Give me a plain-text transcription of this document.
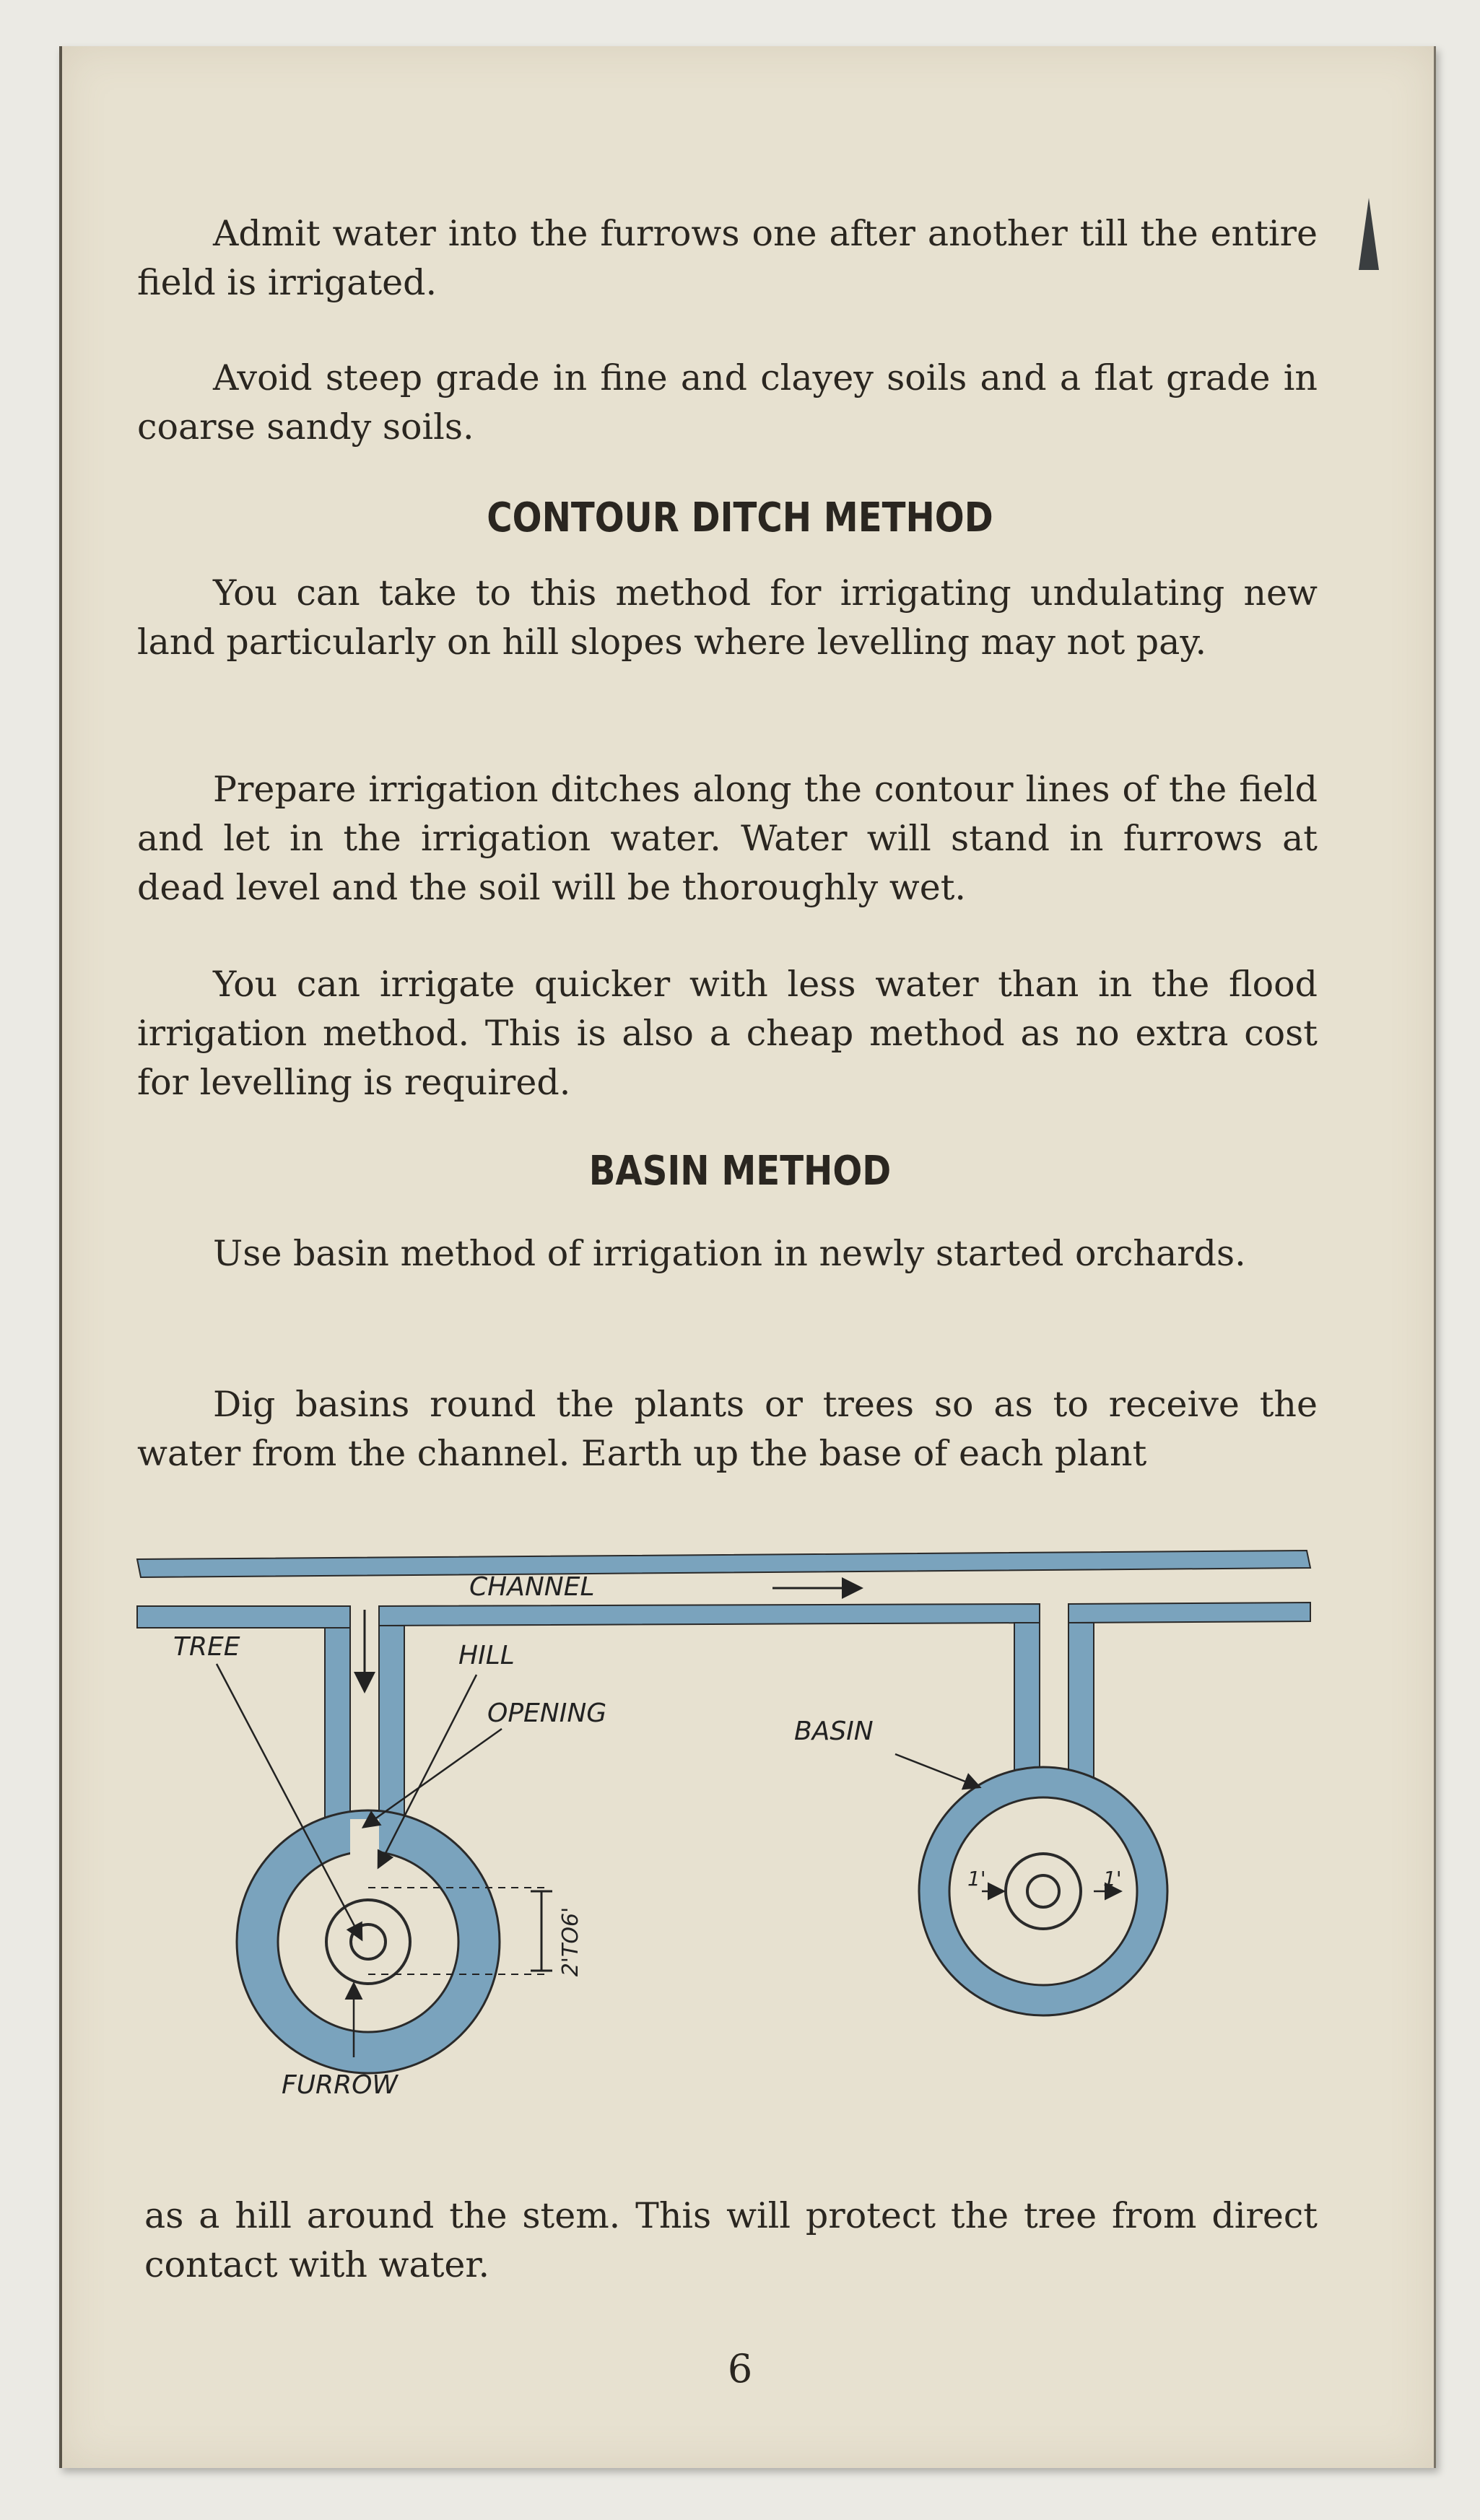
Admit water into the furrows one after another till the entire field is irrigated.

Avoid steep grade in fine and clayey soils and a flat grade in coarse sandy soils.

CONTOUR DITCH METHOD

You can take to this method for irrigating undulating new land particularly on hill slopes where levelling may not pay.

Prepare irrigation ditches along the contour lines of the field and let in the irrigation water. Water will stand in furrows at dead level and the soil will be thoroughly wet.

You can irrigate quicker with less water than in the flood irrigation method. This is also a cheap method as no extra cost for levelling is required.

BASIN METHOD

Use basin method of irrigation in newly started orchards.

Dig basins round the plants or trees so as to receive the water from the channel. Earth up the base of each plant

CHANNEL
TREE	HILL
OPENING
BASIN
FURROW
2'TO6'
1'	1'

as a hill around the stem. This will protect the tree from direct contact with water.

6
